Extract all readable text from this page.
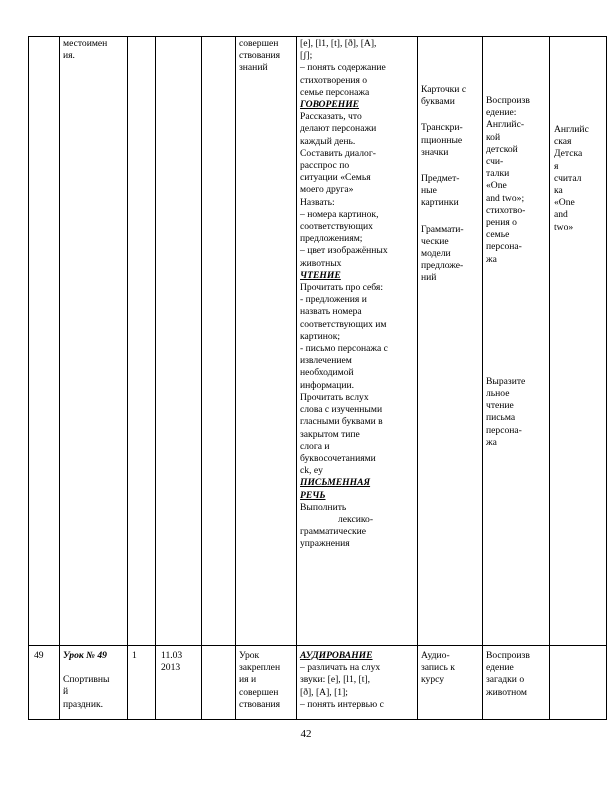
местоимен

ия.

совершен

ствования

знаний

[e], [l1, [t], [ð], [A],

[ʃ];

– понять содержание

стихотворения о

семье персонажа

ГОВОРЕНИЕ

Рассказать, что

делают персонажи

каждый день.

Составить диалог-

расспрос по

ситуации «Семья

моего друга»

Назвать:

– номера картинок,

соответствующих

предложениям;

– цвет изображённых

животных

ЧТЕНИЕ

Прочитать про себя:

- предложения и

назвать номера

соответствующих им

картинок;

- письмо персонажа с

извлечением

необходимой

информации.

Прочитать вслух

слова с изученными

гласными буквами в

закрытом типе

слога и

буквосочетаниями

ck, ey

ПИСЬМЕННАЯ

РЕЧЬ

Выполнить

лексико-

грамматические

упражнения

Карточки с

буквами

Транскри-

пционные

значки

Предмет-

ные

картинки

Граммати-

ческие

модели

предложе-

ний

Воспроизв

едение:

Английс-

кой

детской

счи-

талки

«One

and two»;

стихотво-

рения о

семье

персона-

жа

Выразите

льное

чтение

письма

персона-

жа

Английс

ская

Детска

я

считал

ка

«One

and

two»

49	Урок № 49

Спортивны

й

праздник.

1	11.03

2013

Урок

закреплен

ия и

совершен

ствования

АУДИРОВАНИЕ

– различать на слух

звуки: [e], [l1, [t],

[ð], [A], [1];

– понять интервью с

Аудио-

запись к

курсу

Воспроизв

едение

загадки о

животном

42
